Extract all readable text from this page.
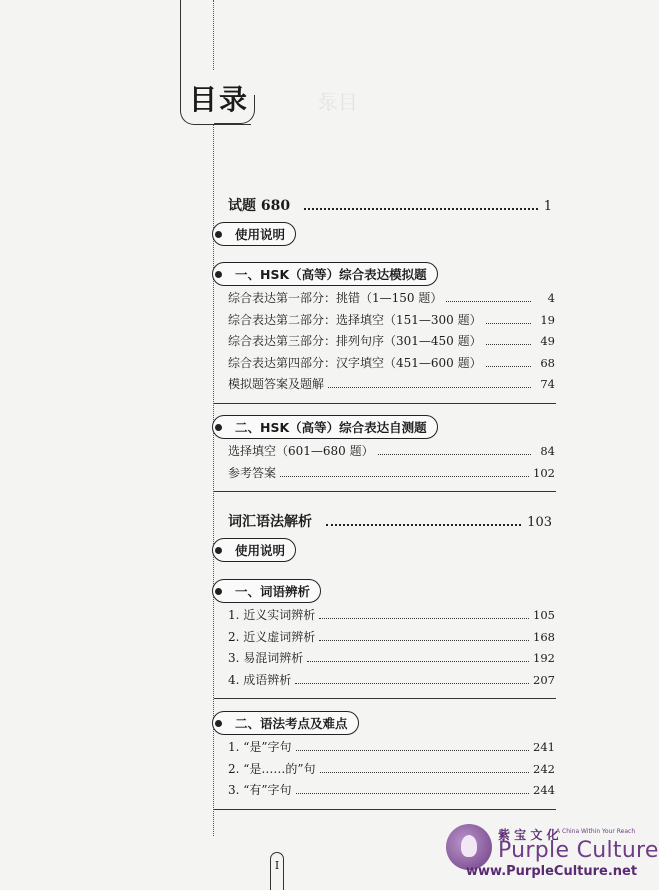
目录	目录
试题 680	1
使用说明
一、HSK（高等）综合表达模拟题
综合表达第一部分：挑错（1—150 题）	4
综合表达第二部分：选择填空（151—300 题）	19
综合表达第三部分：排列句序（301—450 题）	49
综合表达第四部分：汉字填空（451—600 题）	68
模拟题答案及题解	74
二、HSK（高等）综合表达自测题
选择填空（601—680 题）	84
参考答案	102
词汇语法解析	103
使用说明
一、词语辨析
1. 近义实词辨析	105
2. 近义虚词辨析	168
3. 易混词辨析	192
4. 成语辨析	207
二、语法考点及难点
1. “是”字句	241
2. “是……的”句	242
3. “有”字句	244
I
紫 宝 文 化
A China Within Your Reach
Purple Culture
www.PurpleCulture.net
